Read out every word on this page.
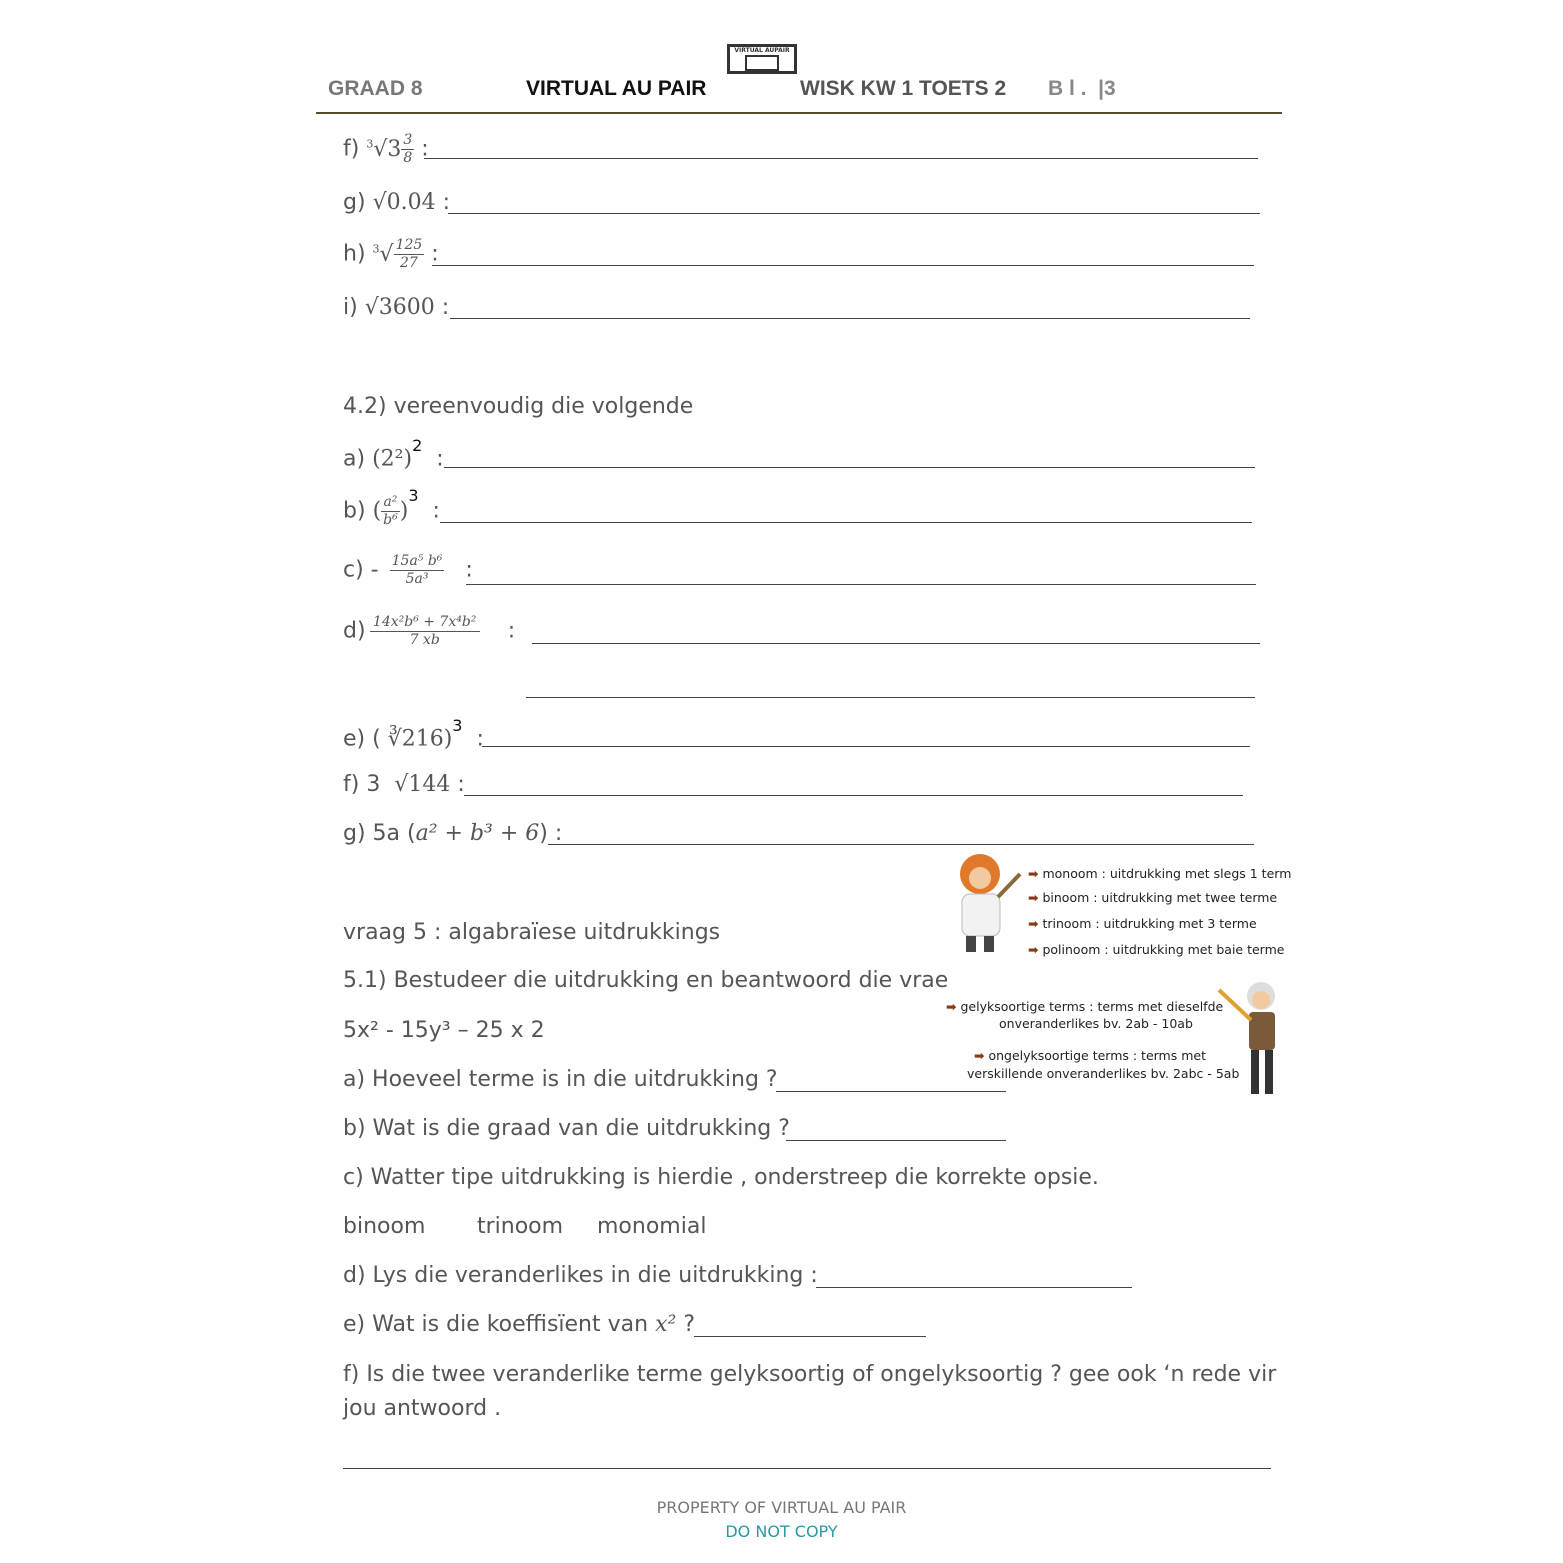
VIRTUAL AUPAIR
GRAAD 8	VIRTUAL AU PAIR	WISK KW 1 TOETS 2 B l .  |3
f) $^3√3 \frac{3}{8}$ :
g) √0.04 :
h) $^3√ \frac{125}{27}$ :
i) √3600 :
4.2) vereenvoudig die volgende
a) $(2^2)^2$  :
b) ( $\frac{\text{a²}}{\text{b⁶}} )^3$  :
$c) - \frac{\text{15a⁵ b⁶}}{\text{5a³}}$ :
$d) \frac{\text{14x²b⁶ + 7x⁴b²}}{7 xb}$ :
e) ( ∛216)$^3$  :
f) 3 √144 :
g) 5a (a² + b³ + 6) :
➡ monoom : uitdrukking met slegs 1 term
➡ binoom : uitdrukking met twee terme
➡ trinoom : uitdrukking met 3 terme
➡ polinoom : uitdrukking met baie terme
➡ gelyksoortige terms : terms met dieselfde
onveranderlikes bv. 2ab - 10ab
➡ ongelyksoortige terms : terms met
verskillende onveranderlikes bv. 2abc - 5ab
vraag 5 : algabraïese uitdrukkings
5.1) Bestudeer die uitdrukking en beantwoord die vrae
5x² - 15y³ – 25 x 2
a) Hoeveel terme is in die uitdrukking ?
b) Wat is die graad van die uitdrukking ?
c) Watter tipe uitdrukking is hierdie , onderstreep die korrekte opsie.
binoom trinoom monomial
d) Lys die veranderlikes in die uitdrukking :
e) Wat is die koeffisïent van x² ?
f) Is die twee veranderlike terme gelyksoortig of ongelyksoortig ? gee ook ‘n rede vir
jou antwoord .
PROPERTY OF VIRTUAL AU PAIR
DO NOT COPY
